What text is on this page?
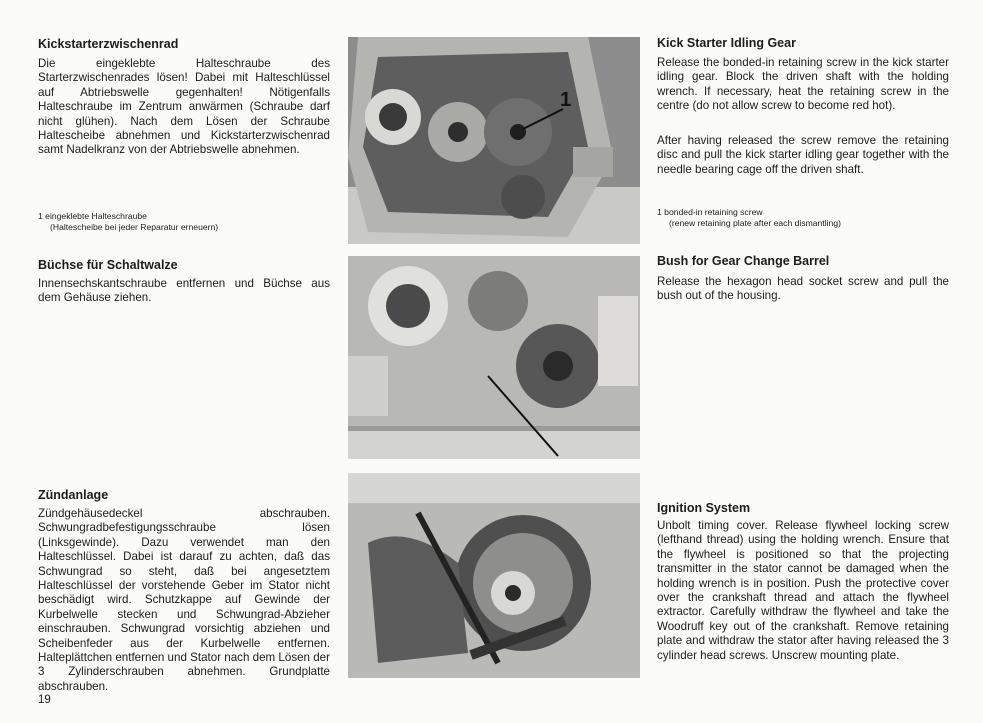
Kickstarterzwischenrad

Die eingeklebte Halteschraube des Starterzwischenrades lösen! Dabei mit Halteschlüssel auf Abtriebswelle gegenhalten! Nötigenfalls Halteschraube im Zentrum anwärmen (Schraube darf nicht glühen). Nach dem Lösen der Schraube Haltescheibe abnehmen und Kickstarterzwischenrad samt Nadelkranz von der Abtriebswelle abnehmen.

1 eingeklebte Halteschraube
(Haltescheibe bei jeder Reparatur erneuern)
Büchse für Schaltwalze

Innensechskantschraube entfernen und Büchse aus dem Gehäuse ziehen.

Zündanlage

Zündgehäusedeckel abschrauben. Schwungradbefestigungsschraube lösen (Linksgewinde). Dazu verwendet man den Halteschlüssel. Dabei ist darauf zu achten, daß das Schwungrad so steht, daß bei angesetztem Halteschlüssel der vorstehende Geber im Stator nicht beschädigt wird. Schutzkappe auf Gewinde der Kurbelwelle stecken und Schwungrad-Abzieher einschrauben. Schwungrad vorsichtig abziehen und Scheibenfeder aus der Kurbelwelle entfernen. Halteplättchen entfernen und Stator nach dem Lösen der 3 Zylinderschrauben abnehmen. Grundplatte abschrauben.

1
Kick Starter Idling Gear

Release the bonded-in retaining screw in the kick starter idling gear. Block the driven shaft with the holding wrench. If necessary, heat the retaining screw in the centre (do not allow screw to become red hot).

After having released the screw remove the retaining disc and pull the kick starter idling gear together with the needle bearing cage off the driven shaft.

1 bonded-in retaining screw
(renew retaining plate after each dismantling)
Bush for Gear Change Barrel

Release the hexagon head socket screw and pull the bush out of the housing.

Ignition System

Unbolt timing cover. Release flywheel locking screw (lefthand thread) using the holding wrench. Ensure that the flywheel is positioned so that the projecting transmitter in the stator cannot be damaged when the holding wrench is in position. Push the protective cover over the crankshaft thread and attach the flywheel extractor. Carefully withdraw the flywheel and take the Woodruff key out of the crankshaft. Remove retaining plate and withdraw the stator after having released the 3 cylinder head screws. Unscrew mounting plate.

19
